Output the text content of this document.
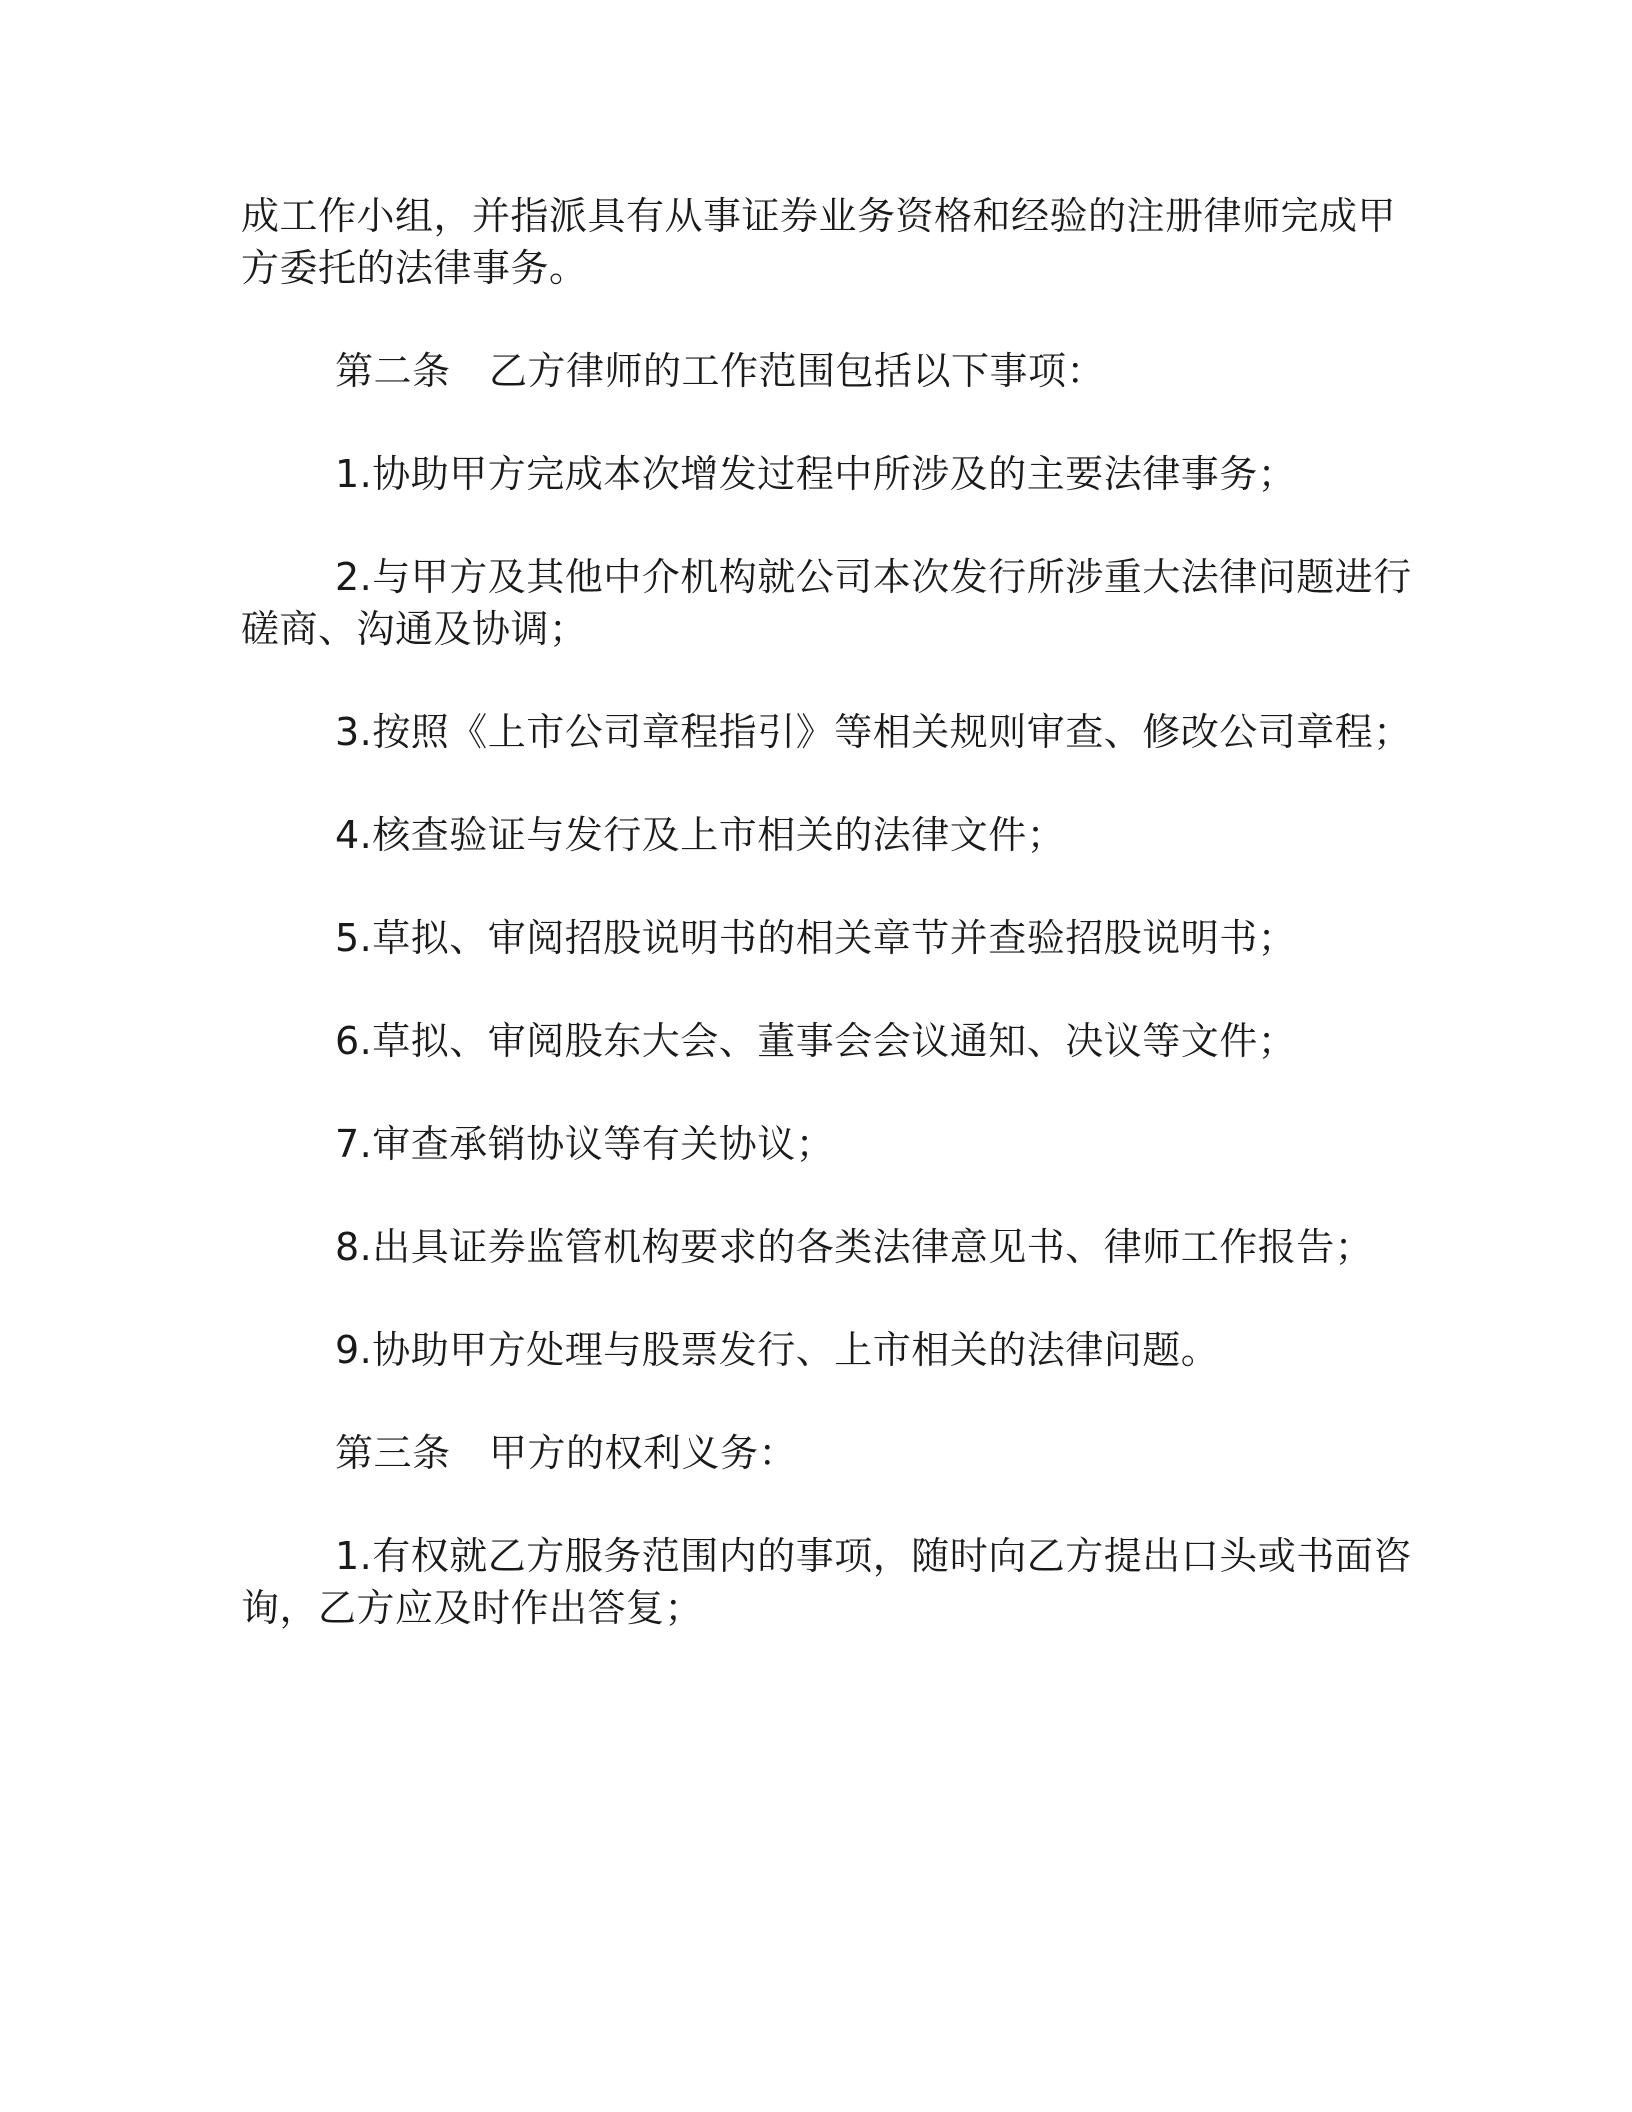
成工作小组，并指派具有从事证券业务资格和经验的注册律师完成甲

方委托的法律事务。

第二条　乙方律师的工作范围包括以下事项：

1.协助甲方完成本次增发过程中所涉及的主要法律事务；

2.与甲方及其他中介机构就公司本次发行所涉重大法律问题进行

磋商、沟通及协调；

3.按照《上市公司章程指引》等相关规则审查、修改公司章程；

4.核查验证与发行及上市相关的法律文件；

5.草拟、审阅招股说明书的相关章节并查验招股说明书；

6.草拟、审阅股东大会、董事会会议通知、决议等文件；

7.审查承销协议等有关协议；

8.出具证券监管机构要求的各类法律意见书、律师工作报告；

9.协助甲方处理与股票发行、上市相关的法律问题。

第三条　甲方的权利义务：

1.有权就乙方服务范围内的事项，随时向乙方提出口头或书面咨

询，乙方应及时作出答复；
